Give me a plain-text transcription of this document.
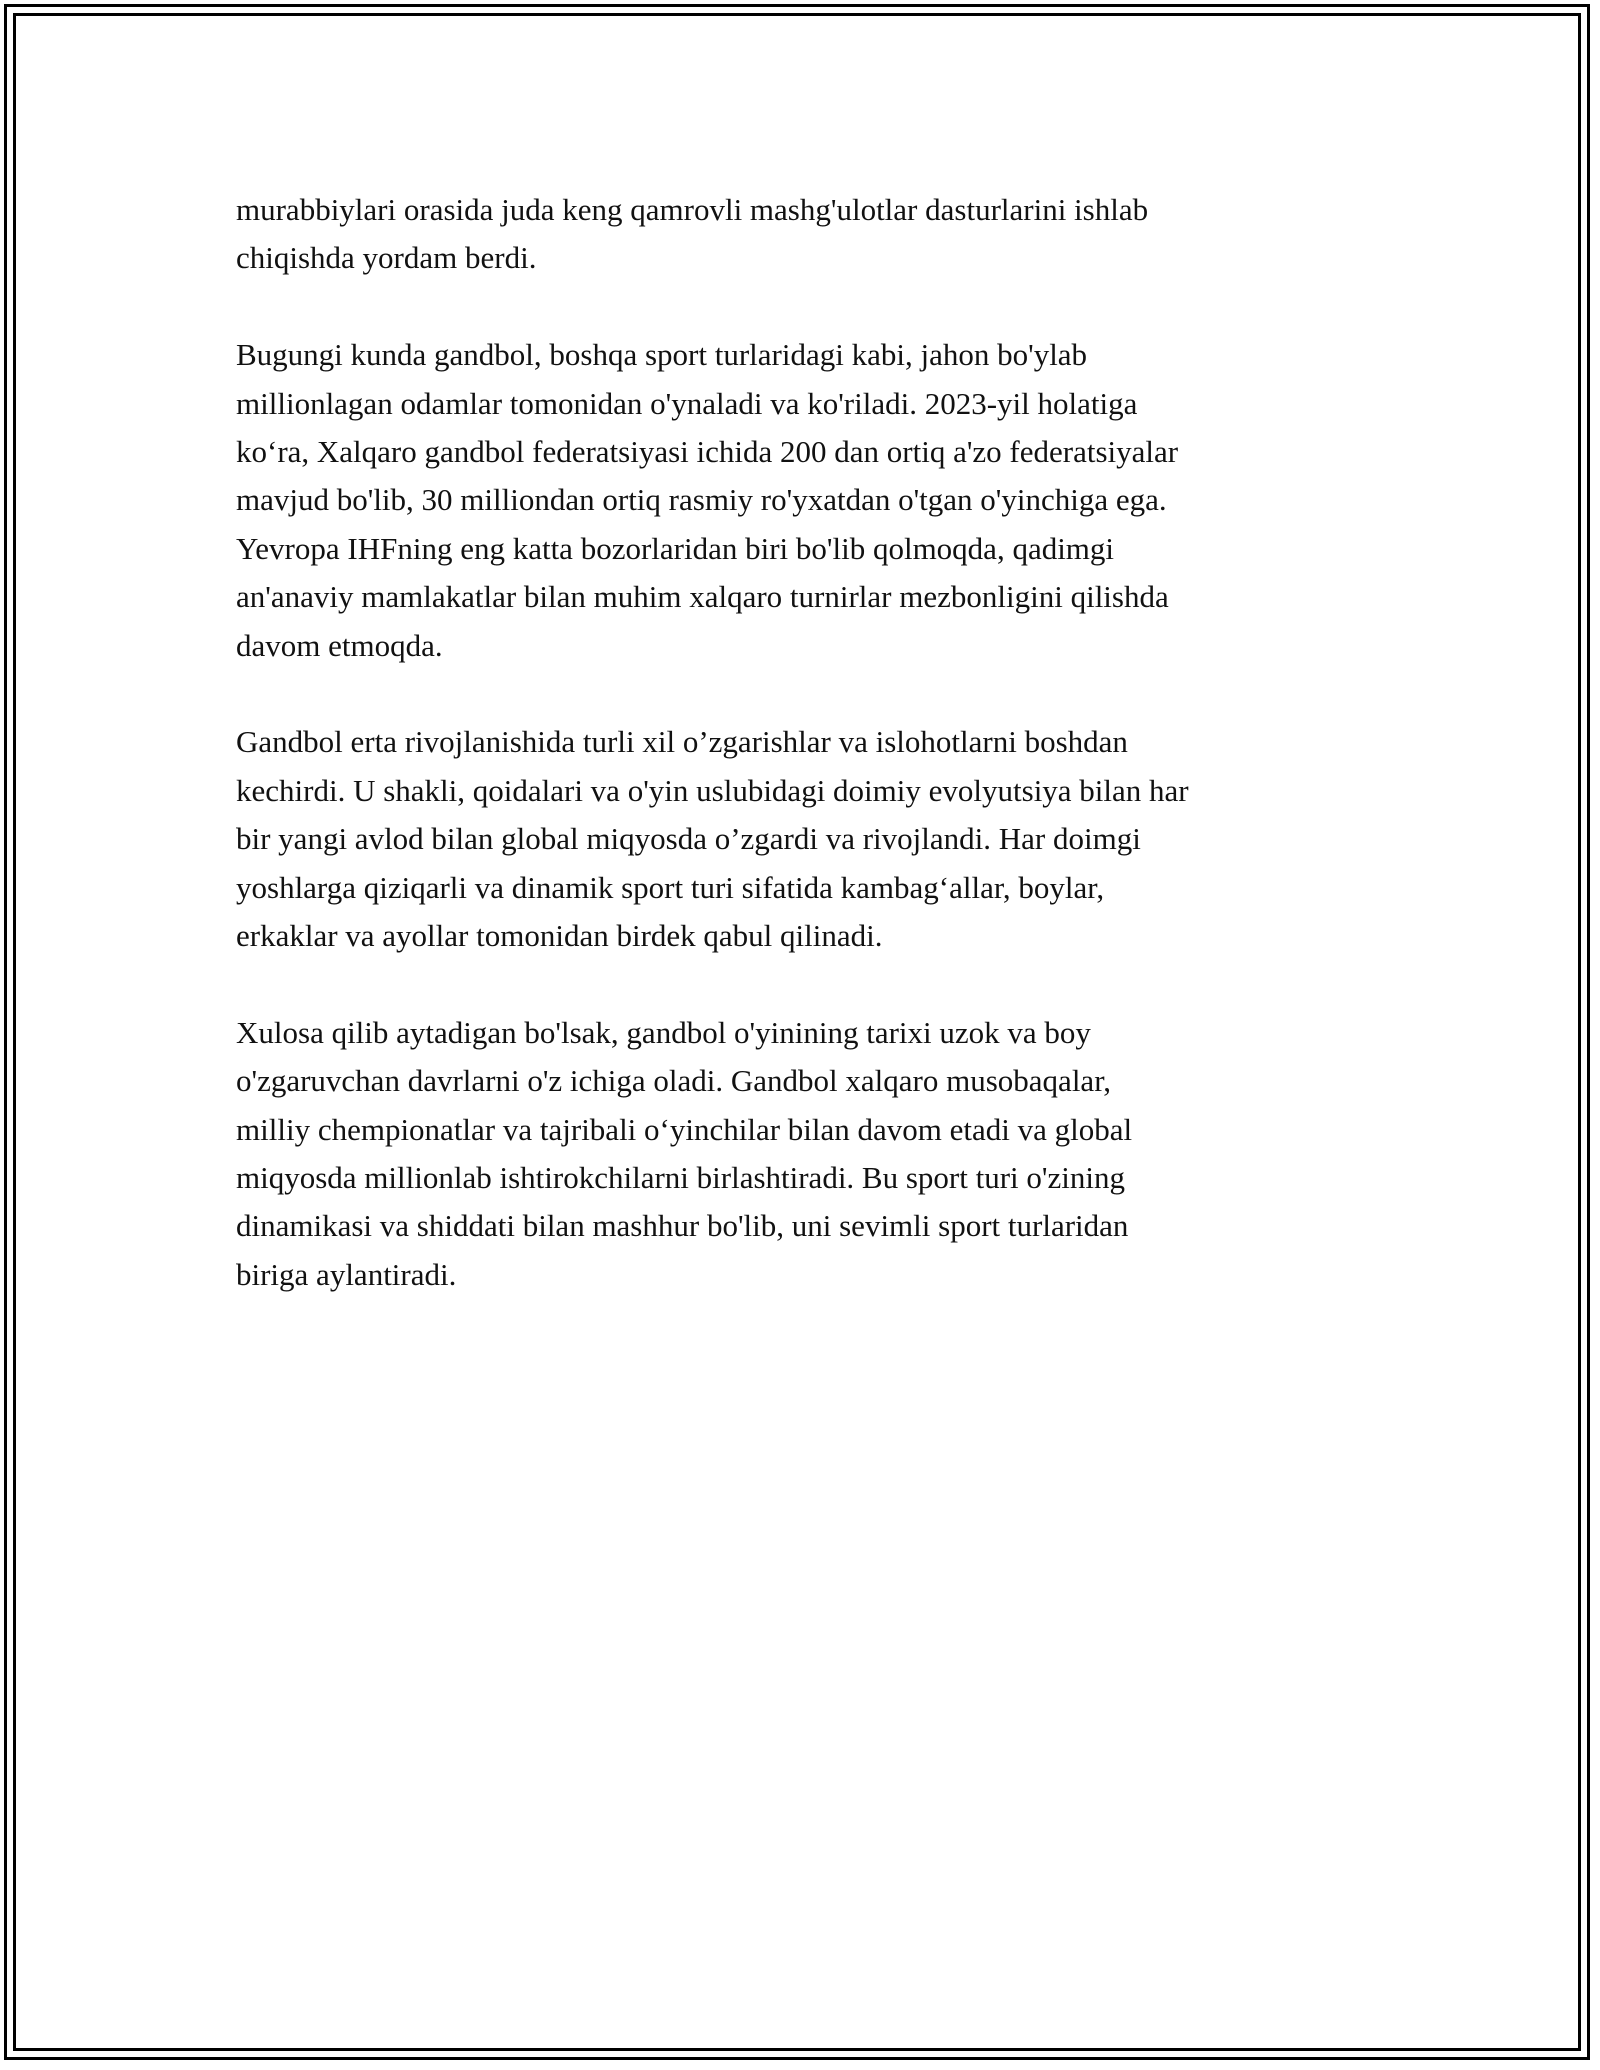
murabbiylari orasida juda keng qamrovli mashg'ulotlar dasturlarini ishlab
chiqishda yordam berdi.

Bugungi kunda gandbol, boshqa sport turlaridagi kabi, jahon bo'ylab
millionlagan odamlar tomonidan o'ynaladi va ko'riladi. 2023-yil holatiga
ko‘ra, Xalqaro gandbol federatsiyasi ichida 200 dan ortiq a'zo federatsiyalar
mavjud bo'lib, 30 milliondan ortiq rasmiy ro'yxatdan o'tgan o'yinchiga ega.
Yevropa IHFning eng katta bozorlaridan biri bo'lib qolmoqda, qadimgi
an'anaviy mamlakatlar bilan muhim xalqaro turnirlar mezbonligini qilishda
davom etmoqda.

Gandbol erta rivojlanishida turli xil o’zgarishlar va islohotlarni boshdan
kechirdi. U shakli, qoidalari va o'yin uslubidagi doimiy evolyutsiya bilan har
bir yangi avlod bilan global miqyosda o’zgardi va rivojlandi. Har doimgi
yoshlarga qiziqarli va dinamik sport turi sifatida kambag‘allar, boylar,
erkaklar va ayollar tomonidan birdek qabul qilinadi.

Xulosa qilib aytadigan bo'lsak, gandbol o'yinining tarixi uzok va boy
o'zgaruvchan davrlarni o'z ichiga oladi. Gandbol xalqaro musobaqalar,
milliy chempionatlar va tajribali o‘yinchilar bilan davom etadi va global
miqyosda millionlab ishtirokchilarni birlashtiradi. Bu sport turi o'zining
dinamikasi va shiddati bilan mashhur bo'lib, uni sevimli sport turlaridan
biriga aylantiradi.
